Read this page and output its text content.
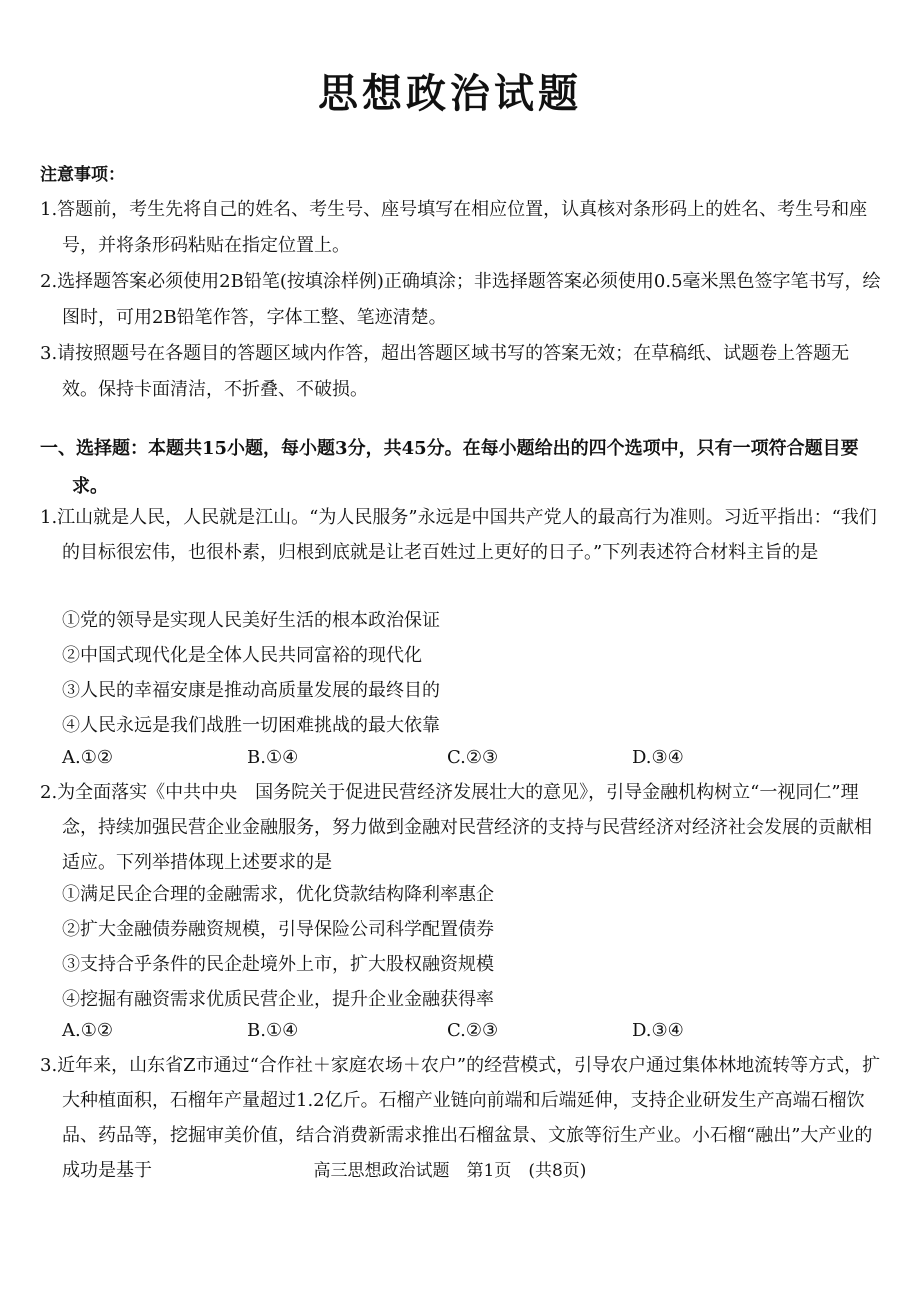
思想政治试题
注意事项：
1.答题前，考生先将自己的姓名、考生号、座号填写在相应位置，认真核对条形码上的姓名、考生号和座号，并将条形码粘贴在指定位置上。
2.选择题答案必须使用2B铅笔(按填涂样例)正确填涂；非选择题答案必须使用0.5毫米黑色签字笔书写，绘图时，可用2B铅笔作答，字体工整、笔迹清楚。
3.请按照题号在各题目的答题区域内作答，超出答题区域书写的答案无效；在草稿纸、试题卷上答题无效。保持卡面清洁，不折叠、不破损。
一、选择题：本题共15小题，每小题3分，共45分。在每小题给出的四个选项中，只有一项符合题目要求。
1.江山就是人民，人民就是江山。“为人民服务”永远是中国共产党人的最高行为准则。习近平指出：“我们的目标很宏伟，也很朴素，归根到底就是让老百姓过上更好的日子。”下列表述符合材料主旨的是
①党的领导是实现人民美好生活的根本政治保证
②中国式现代化是全体人民共同富裕的现代化
③人民的幸福安康是推动高质量发展的最终目的
④人民永远是我们战胜一切困难挑战的最大依靠
A.①②	B.①④	C.②③	D.③④
2.为全面落实《中共中央　国务院关于促进民营经济发展壮大的意见》，引导金融机构树立“一视同仁”理念，持续加强民营企业金融服务，努力做到金融对民营经济的支持与民营经济对经济社会发展的贡献相适应。下列举措体现上述要求的是
①满足民企合理的金融需求，优化贷款结构降利率惠企
②扩大金融债券融资规模，引导保险公司科学配置债券
③支持合乎条件的民企赴境外上市，扩大股权融资规模
④挖掘有融资需求优质民营企业，提升企业金融获得率
A.①②	B.①④	C.②③	D.③④
3.近年来，山东省Z市通过“合作社＋家庭农场＋农户”的经营模式，引导农户通过集体林地流转等方式，扩大种植面积，石榴年产量超过1.2亿斤。石榴产业链向前端和后端延伸，支持企业研发生产高端石榴饮品、药品等，挖掘审美价值，结合消费新需求推出石榴盆景、文旅等衍生产业。小石榴“融出”大产业的成功是基于	高三思想政治试题　第1页　(共8页)
